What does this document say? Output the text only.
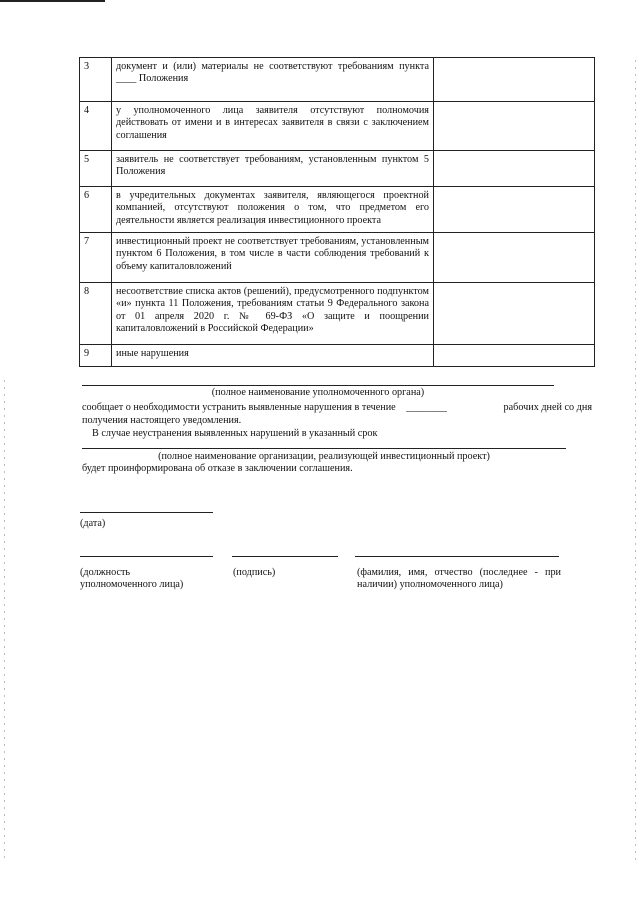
3	документ и (или) материалы не соответствуют требованиям пункта ____ Положения	
4	у уполномоченного лица заявителя отсутствуют полномочия действовать от имени и в интересах заявителя в связи с заключением соглашения	
5	заявитель не соответствует требованиям, установленным пунктом 5 Положения	
6	в учредительных документах заявителя, являющегося проектной компанией, отсутствуют положения о том, что предметом его деятельности является реализация инвестиционного проекта	
7	инвестиционный проект не соответствует требованиям, установленным пунктом 6 Положения, в том числе в части соблюдения требований к объему капиталовложений	
8	несоответствие списка актов (решений), предусмотренного подпунктом «и» пункта 11 Положения, требованиям статьи 9 Федерального закона от 01 апреля 2020 г. № 69-ФЗ «О защите и поощрении капиталовложений в Российской Федерации»	
9	иные нарушения	
(полное наименование уполномоченного органа)
сообщает о необходимости устранить выявленные нарушения в течение ________	рабочих дней со дня
получения настоящего уведомления.
В случае неустранения выявленных нарушений в указанный срок
(полное наименование организации, реализующей инвестиционный проект)
будет проинформирована об отказе в заключении соглашения.
(дата)
(должность
уполномоченного лица)
(подпись)	(фамилия, имя, отчество (последнее - при
наличии) уполномоченного лица)
